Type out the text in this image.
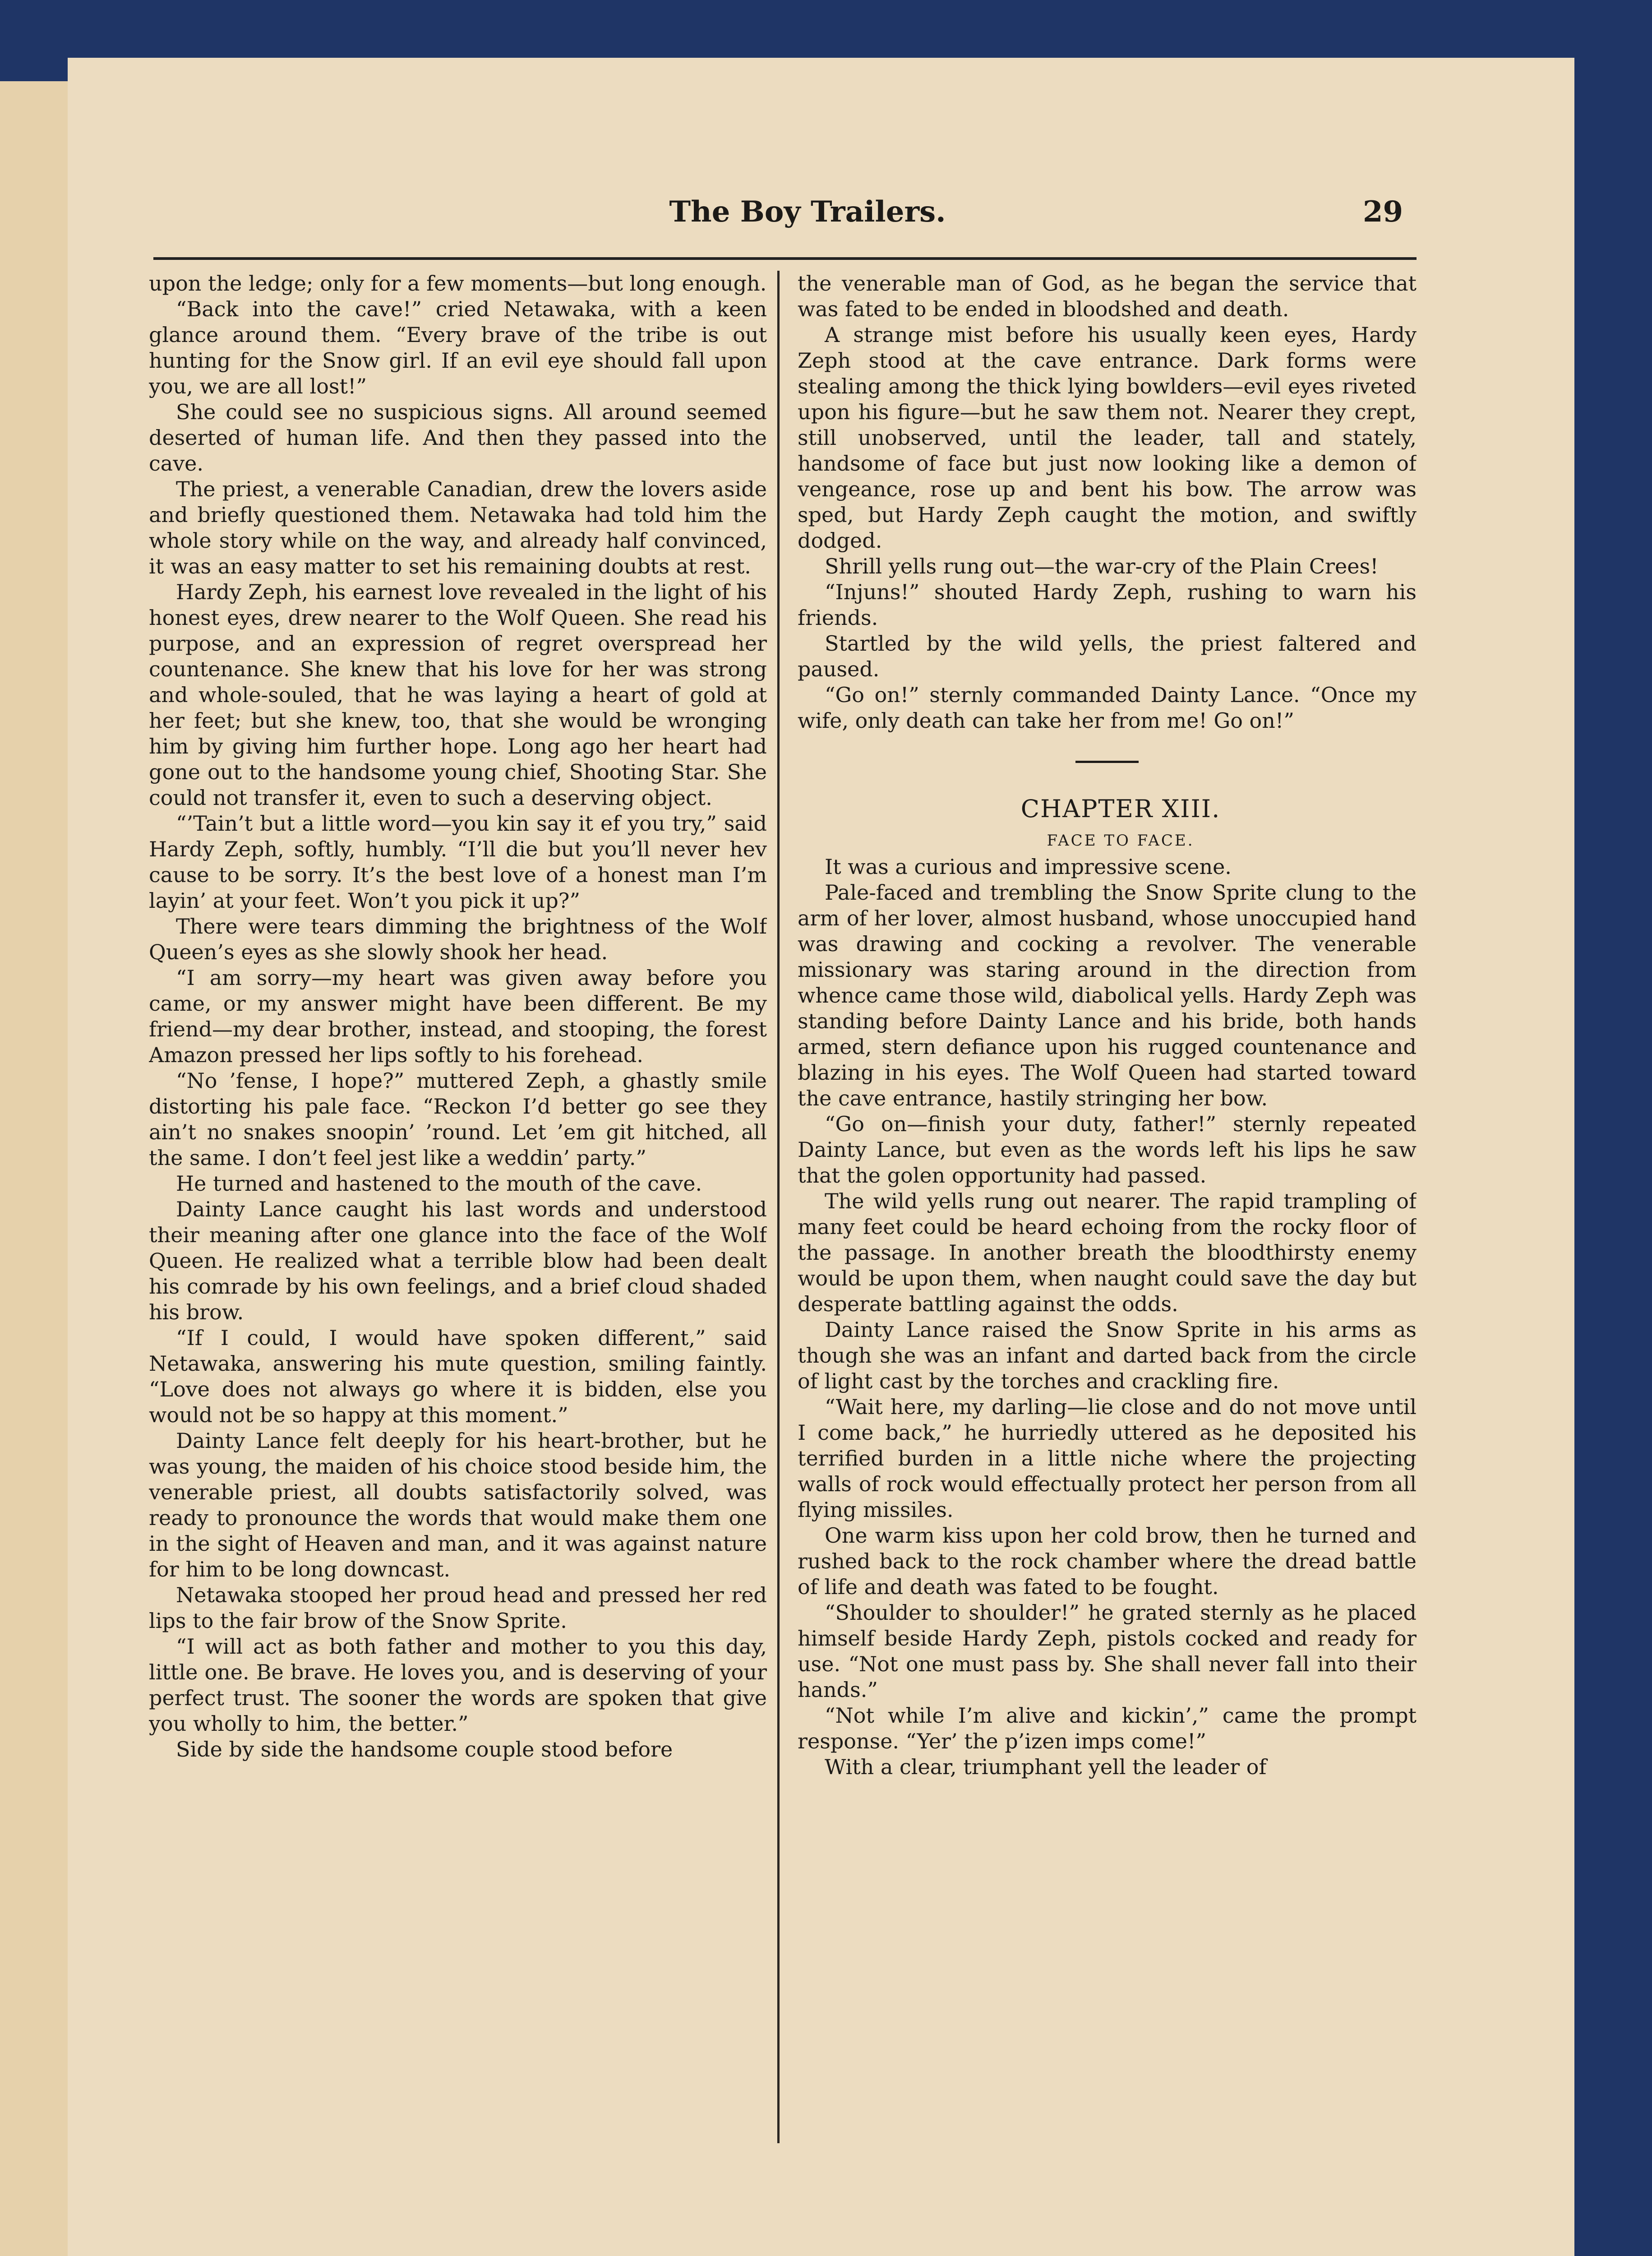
The Boy Trailers.	29

upon the ledge; only for a few moments—but long enough.

“Back into the cave!” cried Netawaka, with a keen glance around them. “Every brave of the tribe is out hunting for the Snow girl. If an evil eye should fall upon you, we are all lost!”

She could see no suspicious signs. All around seemed deserted of human life. And then they passed into the cave.

The priest, a venerable Canadian, drew the lovers aside and briefly questioned them. Netawaka had told him the whole story while on the way, and already half convinced, it was an easy matter to set his remaining doubts at rest.

Hardy Zeph, his earnest love revealed in the light of his honest eyes, drew nearer to the Wolf Queen. She read his purpose, and an expression of regret overspread her countenance. She knew that his love for her was strong and whole-souled, that he was laying a heart of gold at her feet; but she knew, too, that she would be wronging him by giving him further hope. Long ago her heart had gone out to the handsome young chief, Shooting Star. She could not transfer it, even to such a deserving object.

“’Tain’t but a little word—you kin say it ef you try,” said Hardy Zeph, softly, humbly. “I’ll die but you’ll never hev cause to be sorry. It’s the best love of a honest man I’m layin’ at your feet. Won’t you pick it up?”

There were tears dimming the brightness of the Wolf Queen’s eyes as she slowly shook her head.

“I am sorry—my heart was given away before you came, or my answer might have been different. Be my friend—my dear brother, instead, and stooping, the forest Amazon pressed her lips softly to his forehead.

“No ’fense, I hope?” muttered Zeph, a ghastly smile distorting his pale face. “Reckon I’d better go see they ain’t no snakes snoopin’ ’round. Let ’em git hitched, all the same. I don’t feel jest like a weddin’ party.”

He turned and hastened to the mouth of the cave.

Dainty Lance caught his last words and understood their meaning after one glance into the face of the Wolf Queen. He realized what a terrible blow had been dealt his comrade by his own feelings, and a brief cloud shaded his brow.

“If I could, I would have spoken different,” said Netawaka, answering his mute question, smiling faintly. “Love does not always go where it is bidden, else you would not be so happy at this moment.”

Dainty Lance felt deeply for his heart-brother, but he was young, the maiden of his choice stood beside him, the venerable priest, all doubts satisfactorily solved, was ready to pronounce the words that would make them one in the sight of Heaven and man, and it was against nature for him to be long downcast.

Netawaka stooped her proud head and pressed her red lips to the fair brow of the Snow Sprite.

“I will act as both father and mother to you this day, little one. Be brave. He loves you, and is deserving of your perfect trust. The sooner the words are spoken that give you wholly to him, the better.”

Side by side the handsome couple stood before

the venerable man of God, as he began the service that was fated to be ended in bloodshed and death.

A strange mist before his usually keen eyes, Hardy Zeph stood at the cave entrance. Dark forms were stealing among the thick lying bowlders—evil eyes riveted upon his figure—but he saw them not. Nearer they crept, still unobserved, until the leader, tall and stately, handsome of face but just now looking like a demon of vengeance, rose up and bent his bow. The arrow was sped, but Hardy Zeph caught the motion, and swiftly dodged.

Shrill yells rung out—the war-cry of the Plain Crees!

“Injuns!” shouted Hardy Zeph, rushing to warn his friends.

Startled by the wild yells, the priest faltered and paused.

“Go on!” sternly commanded Dainty Lance. “Once my wife, only death can take her from me! Go on!”

CHAPTER XIII.

FACE TO FACE.

It was a curious and impressive scene.

Pale-faced and trembling the Snow Sprite clung to the arm of her lover, almost husband, whose unoccupied hand was drawing and cocking a revolver. The venerable missionary was staring around in the direction from whence came those wild, diabolical yells. Hardy Zeph was standing before Dainty Lance and his bride, both hands armed, stern defiance upon his rugged countenance and blazing in his eyes. The Wolf Queen had started toward the cave entrance, hastily stringing her bow.

“Go on—finish your duty, father!” sternly repeated Dainty Lance, but even as the words left his lips he saw that the golen opportunity had passed.

The wild yells rung out nearer. The rapid trampling of many feet could be heard echoing from the rocky floor of the passage. In another breath the bloodthirsty enemy would be upon them, when naught could save the day but desperate battling against the odds.

Dainty Lance raised the Snow Sprite in his arms as though she was an infant and darted back from the circle of light cast by the torches and crackling fire.

“Wait here, my darling—lie close and do not move until I come back,” he hurriedly uttered as he deposited his terrified burden in a little niche where the projecting walls of rock would effectually protect her person from all flying missiles.

One warm kiss upon her cold brow, then he turned and rushed back to the rock chamber where the dread battle of life and death was fated to be fought.

“Shoulder to shoulder!” he grated sternly as he placed himself beside Hardy Zeph, pistols cocked and ready for use. “Not one must pass by. She shall never fall into their hands.”

“Not while I’m alive and kickin’,” came the prompt response. “Yer’ the p’izen imps come!”

With a clear, triumphant yell the leader of
